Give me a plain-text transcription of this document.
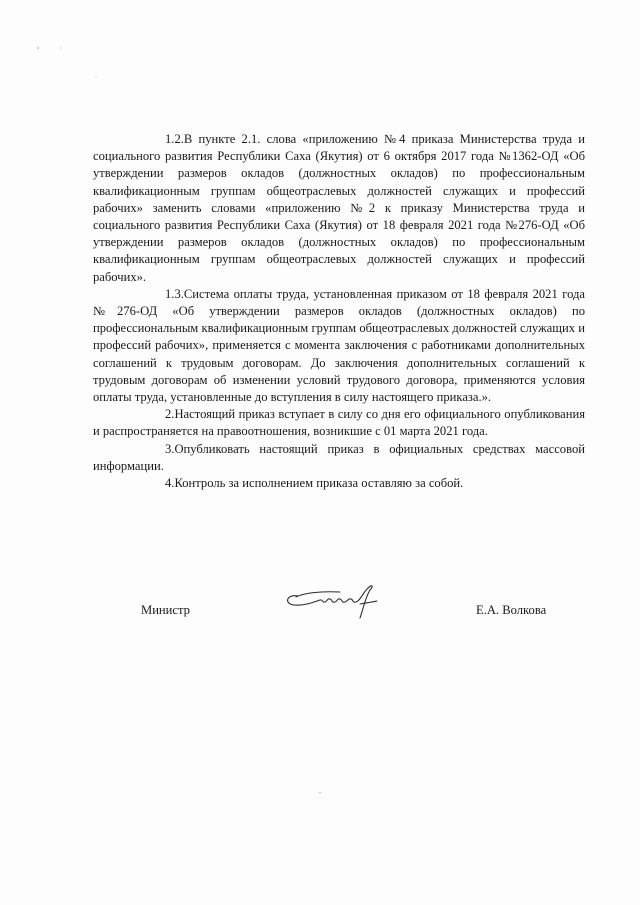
1.2.В пункте 2.1. слова «приложению №4 приказа Министерства труда и социального развития Республики Саха (Якутия) от 6 октября 2017 года №1362-ОД «Об утверждении размеров окладов (должностных окладов) по профессиональным квалификационным группам общеотраслевых должностей служащих и профессий рабочих» заменить словами «приложению №2 к приказу Министерства труда и социального развития Республики Саха (Якутия) от 18 февраля 2021 года №276-ОД «Об утверждении размеров окладов (должностных окладов) по профессиональным квалификационным группам общеотраслевых должностей служащих и профессий рабочих».

1.3.Система оплаты труда, установленная приказом от 18 февраля 2021 года №276-ОД «Об утверждении размеров окладов (должностных окладов) по профессиональным квалификационным группам общеотраслевых должностей служащих и профессий рабочих», применяется с момента заключения с работниками дополнительных соглашений к трудовым договорам. До заключения дополнительных соглашений к трудовым договорам об изменении условий трудового договора, применяются условия оплаты труда, установленные до вступления в силу настоящего приказа.».

2.Настоящий приказ вступает в силу со дня его официального опубликования и распространяется на правоотношения, возникшие с 01 марта 2021 года.

3.Опубликовать настоящий приказ в официальных средствах массовой информации.

4.Контроль за исполнением приказа оставляю за собой.

Министр	Е.А. Волкова
